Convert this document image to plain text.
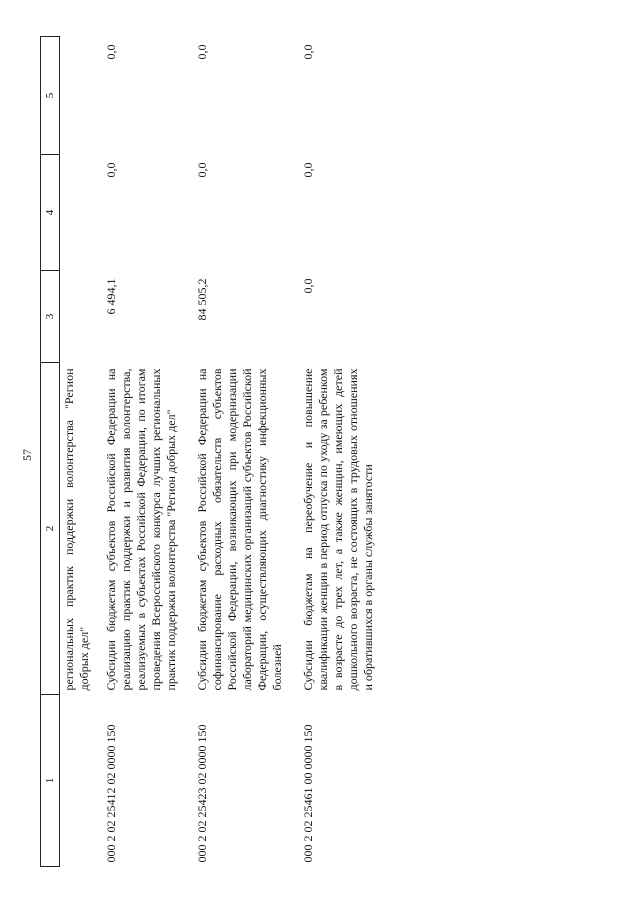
57
1	2	3	4	5
	региональных практик поддержки волонтерства "Регион добрых дел"			
000 2 02 25412 02 0000 150	Субсидии бюджетам субъектов Российской Федерации на реализацию практик поддержки и развития волонтерства, реализуемых в субъектах Российской Федерации, по итогам проведения Всероссийского конкурса лучших региональных практик поддержки волонтерства "Регион добрых дел"	6 494,1	0,0	0,0
000 2 02 25423 02 0000 150	Субсидии бюджетам субъектов Российской Федерации на софинансирование расходных обязательств субъектов Российской Федерации, возникающих при модернизации лабораторий медицинских организаций субъектов Российской Федерации, осуществляющих диагностику инфекционных болезней	84 505,2	0,0	0,0
000 2 02 25461 00 0000 150	Субсидии бюджетам на переобучение и повышение квалификации женщин в период отпуска по уходу за ребенком в возрасте до трех лет, а также женщин, имеющих детей дошкольного возраста, не состоящих в трудовых отношениях и обратившихся в органы службы занятости	0,0	0,0	0,0
